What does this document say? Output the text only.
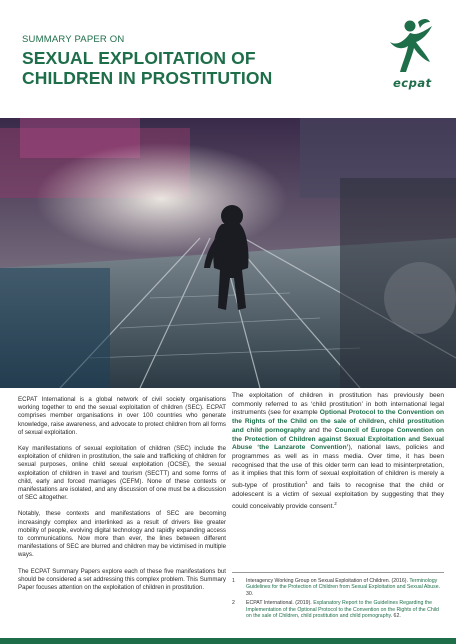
SUMMARY PAPER ON
SEXUAL EXPLOITATION OF
CHILDREN IN PROSTITUTION	ecpat

ECPAT International is a global network of civil society organisations working together to end the sexual exploitation of children (SEC). ECPAT comprises member organisations in over 100 countries who generate knowledge, raise awareness, and advocate to protect children from all forms of sexual exploitation.

Key manifestations of sexual exploitation of children (SEC) include the exploitation of children in prostitution, the sale and trafficking of children for sexual purposes, online child sexual exploitation (OCSE), the sexual exploitation of children in travel and tourism (SECTT) and some forms of child, early and forced marriages (CEFM). None of these contexts or manifestations are isolated, and any discussion of one must be a discussion of SEC altogether.

Notably, these contexts and manifestations of SEC are becoming increasingly complex and interlinked as a result of drivers like greater mobility of people, evolving digital technology and rapidly expanding access to communications. Now more than ever, the lines between different manifestations of SEC are blurred and children may be victimised in multiple ways.

The ECPAT Summary Papers explore each of these five manifestations but should be considered a set addressing this complex problem. This Summary Paper focuses attention on the exploitation of children in prostitution.

The exploitation of children in prostitution has previously been commonly referred to as ‘child prostitution’ in both international legal instruments (see for example Optional Protocol to the Convention on the Rights of the Child on the sale of children, child prostitution and child pornography and the Council of Europe Convention on the Protection of Children against Sexual Exploitation and Sexual Abuse ‘the Lanzarote Convention’), national laws, policies and programmes as well as in mass media. Over time, it has been recognised that the use of this older term can lead to misinterpretation, as it implies that this form of sexual exploitation of children is merely a sub-type of prostitution$^1$ and fails to recognise that the child or adolescent is a victim of sexual exploitation by suggesting that they could conceivably provide consent.$^2$

1	Interagency Working Group on Sexual Exploitation of Children. (2016). Terminology Guidelines for the Protection of Children from Sexual Exploitation and Sexual Abuse. 30.
2	ECPAT International. (2019). Explanatory Report to the Guidelines Regarding the Implementation of the Optional Protocol to the Convention on the Rights of the Child on the sale of Children, child prostitution and child pornography. 62.
